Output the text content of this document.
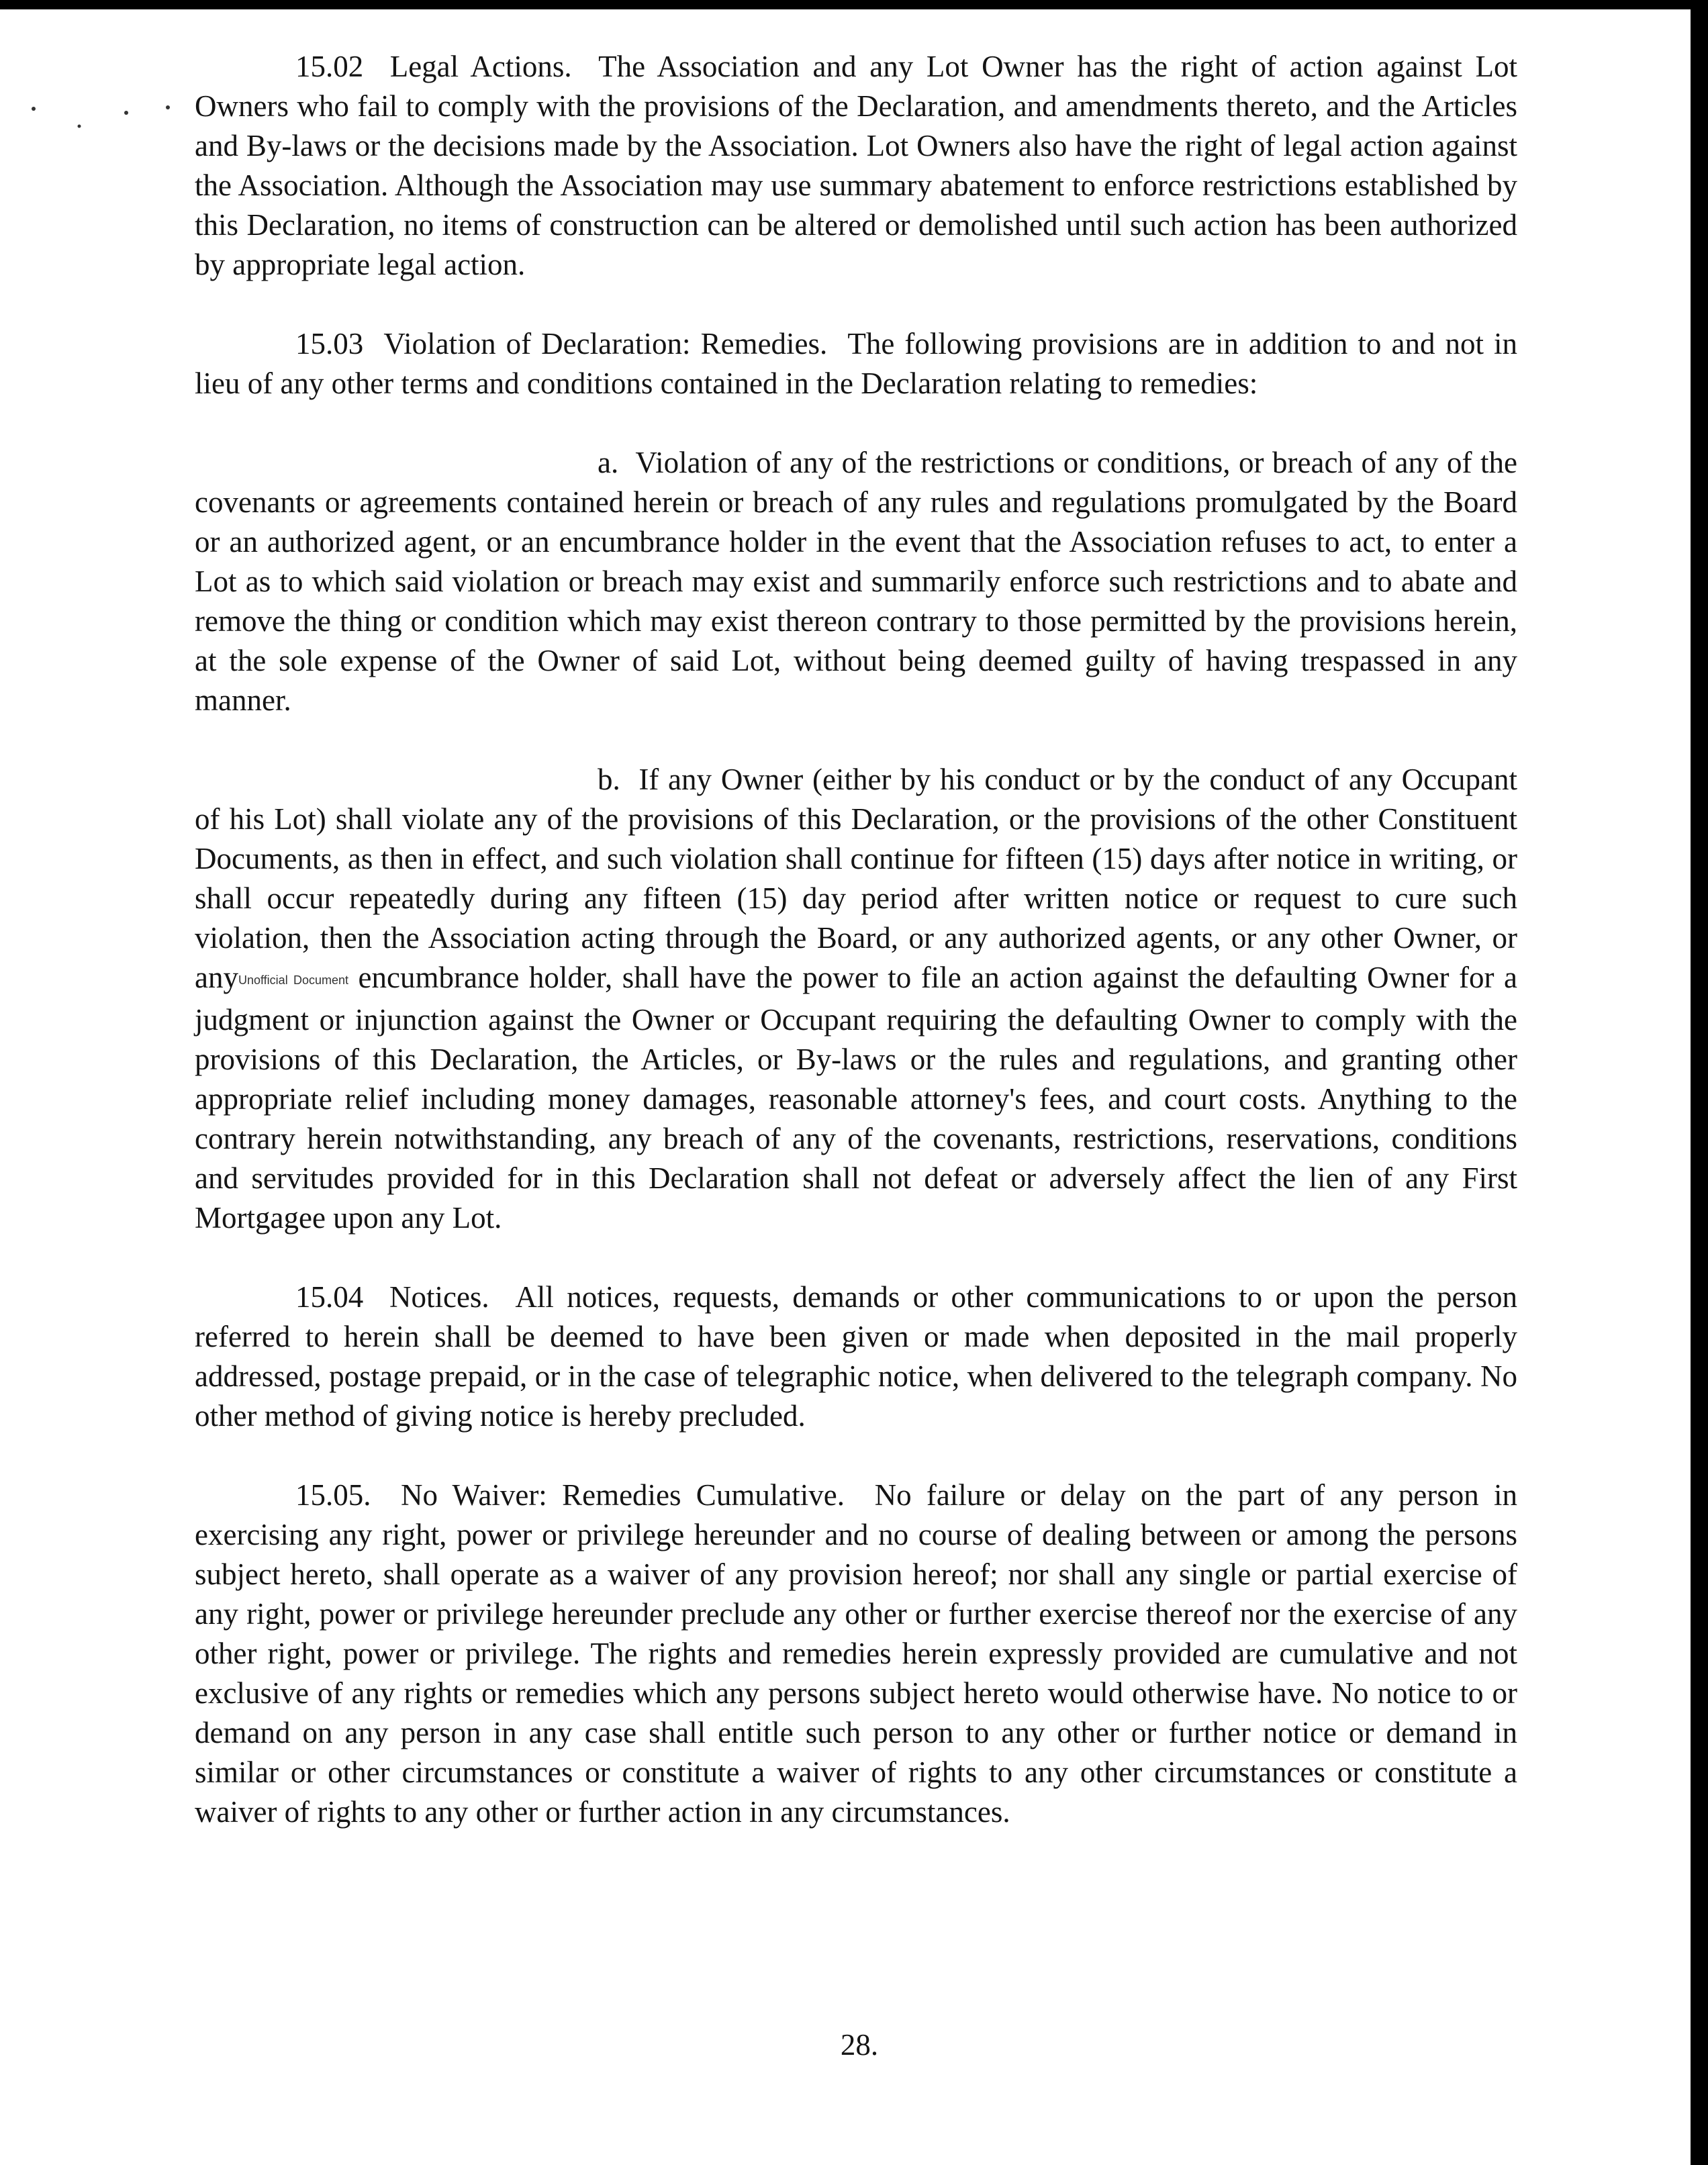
15.02 Legal Actions. The Association and any Lot Owner has the right of action against Lot Owners who fail to comply with the provisions of the Declaration, and amendments thereto, and the Articles and By-laws or the decisions made by the Association. Lot Owners also have the right of legal action against the Association. Although the Association may use summary abatement to enforce restrictions established by this Declaration, no items of construction can be altered or demolished until such action has been authorized by appropriate legal action.

15.03 Violation of Declaration: Remedies. The following provisions are in addition to and not in lieu of any other terms and conditions contained in the Declaration relating to remedies:

a. Violation of any of the restrictions or conditions, or breach of any of the covenants or agreements contained herein or breach of any rules and regulations promulgated by the Board or an authorized agent, or an encumbrance holder in the event that the Association refuses to act, to enter a Lot as to which said violation or breach may exist and summarily enforce such restrictions and to abate and remove the thing or condition which may exist thereon contrary to those permitted by the provisions herein, at the sole expense of the Owner of said Lot, without being deemed guilty of having trespassed in any manner.

b. If any Owner (either by his conduct or by the conduct of any Occupant of his Lot) shall violate any of the provisions of this Declaration, or the provisions of the other Constituent Documents, as then in effect, and such violation shall continue for fifteen (15) days after notice in writing, or shall occur repeatedly during any fifteen (15) day period after written notice or request to cure such violation, then the Association acting through the Board, or any authorized agents, or any other Owner, or anyUnofficial Document encumbrance holder, shall have the power to file an action against the defaulting Owner for a judgment or injunction against the Owner or Occupant requiring the defaulting Owner to comply with the provisions of this Declaration, the Articles, or By-laws or the rules and regulations, and granting other appropriate relief including money damages, reasonable attorney's fees, and court costs. Anything to the contrary herein notwithstanding, any breach of any of the covenants, restrictions, reservations, conditions and servitudes provided for in this Declaration shall not defeat or adversely affect the lien of any First Mortgagee upon any Lot.

15.04 Notices. All notices, requests, demands or other communications to or upon the person referred to herein shall be deemed to have been given or made when deposited in the mail properly addressed, postage prepaid, or in the case of telegraphic notice, when delivered to the telegraph company. No other method of giving notice is hereby precluded.

15.05. No Waiver: Remedies Cumulative. No failure or delay on the part of any person in exercising any right, power or privilege hereunder and no course of dealing between or among the persons subject hereto, shall operate as a waiver of any provision hereof; nor shall any single or partial exercise of any right, power or privilege hereunder preclude any other or further exercise thereof nor the exercise of any other right, power or privilege. The rights and remedies herein expressly provided are cumulative and not exclusive of any rights or remedies which any persons subject hereto would otherwise have. No notice to or demand on any person in any case shall entitle such person to any other or further notice or demand in similar or other circumstances or constitute a waiver of rights to any other circumstances or constitute a waiver of rights to any other or further action in any circumstances.

28.
